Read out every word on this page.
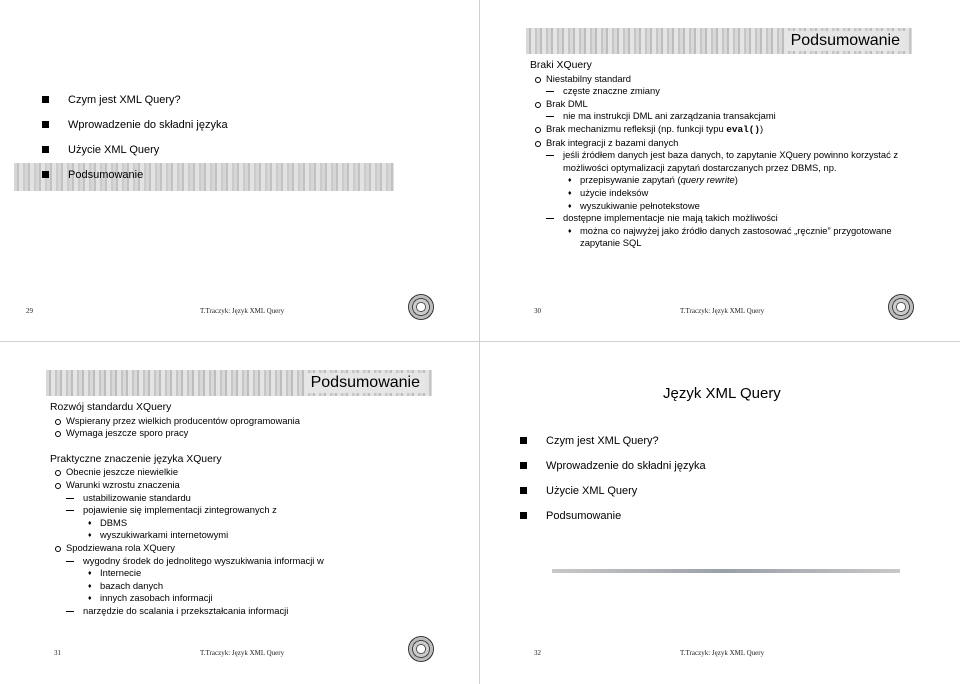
Czym jest XML Query?
Wprowadzenie do składni języka
Użycie XML Query
Podsumowanie
29	T.Traczyk: Język XML Query
Podsumowanie
Braki XQuery
Niestabilny standard
częste znaczne zmiany
Brak DML
nie ma instrukcji DML ani zarządzania transakcjami
Brak mechanizmu refleksji (np. funkcji typu eval())
Brak integracji z bazami danych
jeśli źródłem danych jest baza danych, to zapytanie XQuery powinno korzystać z
możliwości optymalizacji zapytań dostarczanych przez DBMS, np.
♦ przepisywanie zapytań (query rewrite)
♦ użycie indeksów
♦ wyszukiwanie pełnotekstowe
dostępne implementacje nie mają takich możliwości
♦ można co najwyżej jako źródło danych zastosować „ręcznie” przygotowane
zapytanie SQL
30	T.Traczyk: Język XML Query
Podsumowanie
Rozwój standardu XQuery
Wspierany przez wielkich producentów oprogramowania
Wymaga jeszcze sporo pracy
Praktyczne znaczenie języka XQuery
Obecnie jeszcze niewielkie
Warunki wzrostu znaczenia
ustabilizowanie standardu
pojawienie się implementacji zintegrowanych z
♦ DBMS
♦ wyszukiwarkami internetowymi
Spodziewana rola XQuery
wygodny środek do jednolitego wyszukiwania informacji w
♦ Internecie
♦ bazach danych
♦ innych zasobach informacji
narzędzie do scalania i przekształcania informacji
31	T.Traczyk: Język XML Query
Język XML Query
Czym jest XML Query?
Wprowadzenie do składni języka
Użycie XML Query
Podsumowanie
32	T.Traczyk: Język XML Query
